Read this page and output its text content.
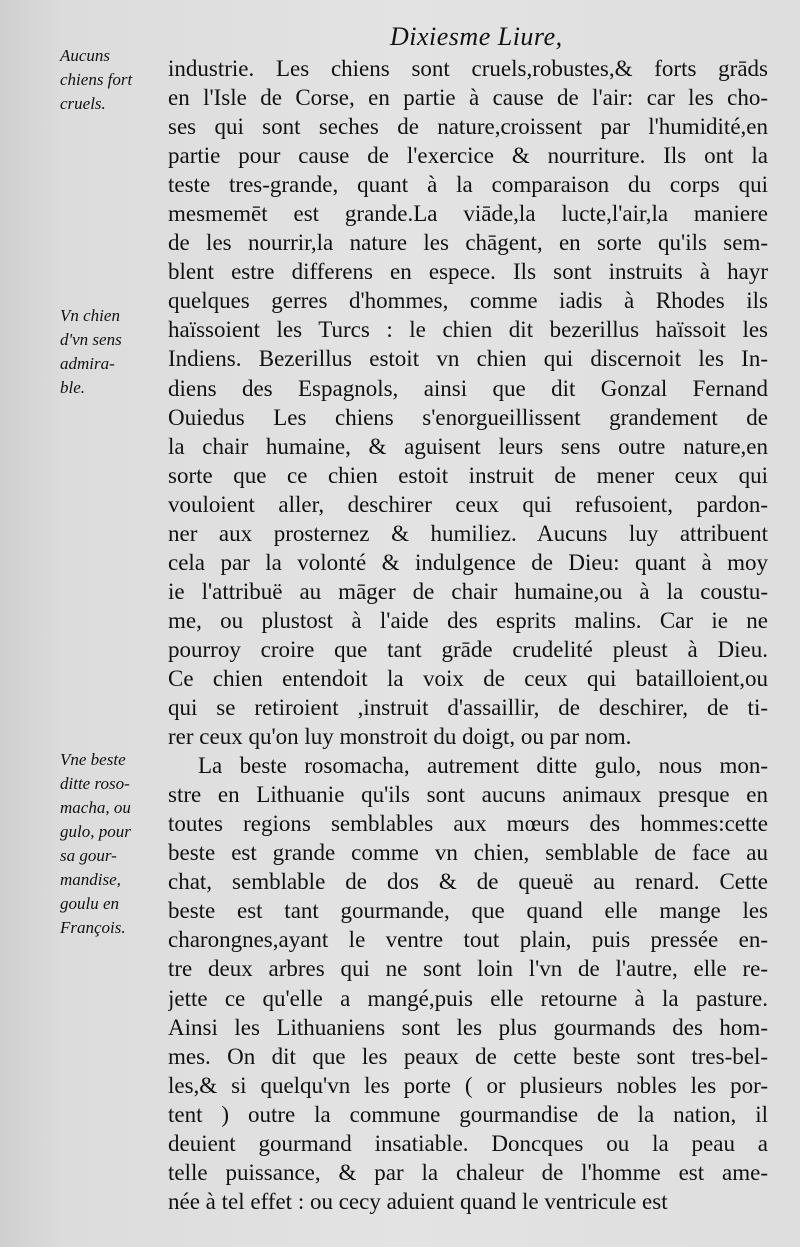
Dixiesme Liure,
Aucuns
chiens fort
cruels.
Vn chien
d'vn sens
admira-
ble.
Vne beste
ditte roso-
macha, ou
gulo, pour
sa gour-
mandise,
goulu en
François.
industrie. Les chiens sont cruels,robustes,& forts grāds
en l'Isle de Corse, en partie à cause de l'air: car les cho-
ses qui sont seches de nature,croissent par l'humidité,en
partie pour cause de l'exercice & nourriture. Ils ont la
teste tres-grande, quant à la comparaison du corps qui
mesmemēt est grande.La viāde,la lucte,l'air,la maniere
de les nourrir,la nature les chāgent, en sorte qu'ils sem-
blent estre differens en espece. Ils sont instruits à hayr
quelques gerres d'hommes, comme iadis à Rhodes ils
haïssoient les Turcs : le chien dit bezerillus haïssoit les
Indiens. Bezerillus estoit vn chien qui discernoit les In-
diens des Espagnols, ainsi que dit Gonzal Fernand
Ouiedus Les chiens s'enorgueillissent grandement de
la chair humaine, & aguisent leurs sens outre nature,en
sorte que ce chien estoit instruit de mener ceux qui
vouloient aller, deschirer ceux qui refusoient, pardon-
ner aux prosternez & humiliez. Aucuns luy attribuent
cela par la volonté & indulgence de Dieu: quant à moy
ie l'attribuë au māger de chair humaine,ou à la coustu-
me, ou plustost à l'aide des esprits malins. Car ie ne
pourroy croire que tant grāde crudelité pleust à Dieu.
Ce chien entendoit la voix de ceux qui batailloient,ou
qui se retiroient ,instruit d'assaillir, de deschirer, de ti-
rer ceux qu'on luy monstroit du doigt, ou par nom.
La beste rosomacha, autrement ditte gulo, nous mon-
stre en Lithuanie qu'ils sont aucuns animaux presque en
toutes regions semblables aux mœurs des hommes:cette
beste est grande comme vn chien, semblable de face au
chat, semblable de dos & de queuë au renard. Cette
beste est tant gourmande, que quand elle mange les
charongnes,ayant le ventre tout plain, puis pressée en-
tre deux arbres qui ne sont loin l'vn de l'autre, elle re-
jette ce qu'elle a mangé,puis elle retourne à la pasture.
Ainsi les Lithuaniens sont les plus gourmands des hom-
mes. On dit que les peaux de cette beste sont tres-bel-
les,& si quelqu'vn les porte ( or plusieurs nobles les por-
tent ) outre la commune gourmandise de la nation, il
deuient gourmand insatiable. Doncques ou la peau a
telle puissance, & par la chaleur de l'homme est ame-
née à tel effet : ou cecy aduient quand le ventricule est
